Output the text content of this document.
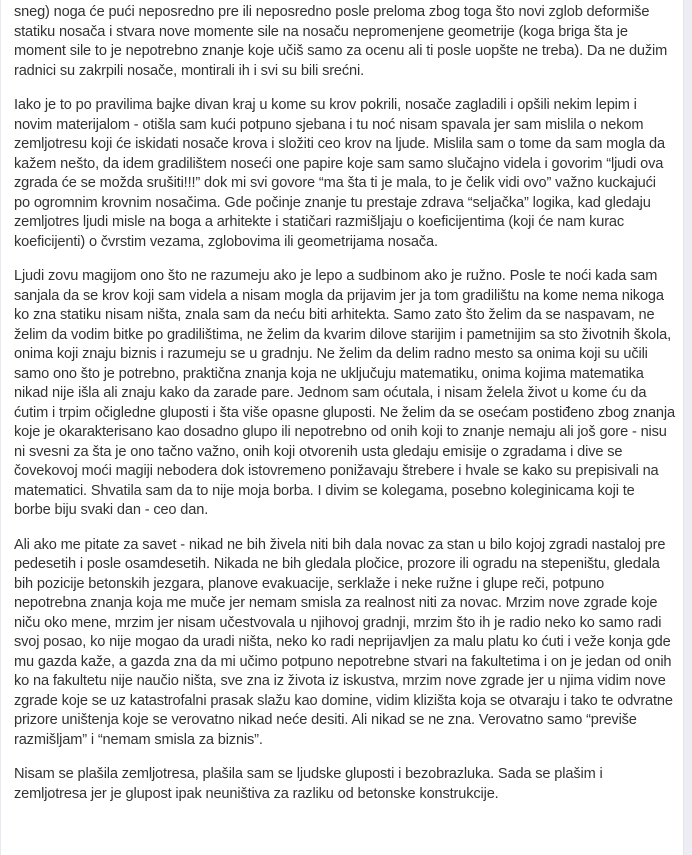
sneg) noga će pući neposredno pre ili neposredno posle preloma zbog toga što novi zglob deformiše statiku nosača i stvara nove momente sile na nosaču nepromenjene geometrije (koga briga šta je moment sile to je nepotrebno znanje koje učiš samo za ocenu ali ti posle uopšte ne treba). Da ne dužim radnici su zakrpili nosače, montirali ih i svi su bili srećni.

Iako je to po pravilima bajke divan kraj u kome su krov pokrili, nosače zagladili i opšili nekim lepim i novim materijalom - otišla sam kući potpuno sjebana i tu noć nisam spavala jer sam mislila o nekom zemljotresu koji će iskidati nosače krova i složiti ceo krov na ljude. Mislila sam o tome da sam mogla da kažem nešto, da idem gradilištem noseći one papire koje sam samo slučajno videla i govorim “ljudi ova zgrada će se možda srušiti!!!” dok mi svi govore “ma šta ti je mala, to je čelik vidi ovo” važno kuckajući po ogromnim krovnim nosačima. Gde počinje znanje tu prestaje zdrava “seljačka” logika, kad gledaju zemljotres ljudi misle na boga a arhitekte i statičari razmišljaju o koeficijentima (koji će nam kurac koeficijenti) o čvrstim vezama, zglobovima ili geometrijama nosača.

Ljudi zovu magijom ono što ne razumeju ako je lepo a sudbinom ako je ružno. Posle te noći kada sam sanjala da se krov koji sam videla a nisam mogla da prijavim jer ja tom gradilištu na kome nema nikoga ko zna statiku nisam ništa, znala sam da neću biti arhitekta. Samo zato što želim da se naspavam, ne želim da vodim bitke po gradilištima, ne želim da kvarim dilove starijim i pametnijim sa sto životnih škola, onima koji znaju biznis i razumeju se u gradnju. Ne želim da delim radno mesto sa onima koji su učili samo ono što je potrebno, praktična znanja koja ne uključuju matematiku, onima kojima matematika nikad nije išla ali znaju kako da zarade pare. Jednom sam oćutala, i nisam želela život u kome ću da ćutim i trpim očigledne gluposti i šta više opasne gluposti. Ne želim da se osećam postiđeno zbog znanja koje je okarakterisano kao dosadno glupo ili nepotrebno od onih koji to znanje nemaju ali još gore - nisu ni svesni za šta je ono tačno važno, onih koji otvorenih usta gledaju emisije o zgradama i dive se čovekovoj moći magiji nebodera dok istovremeno ponižavaju štrebere i hvale se kako su prepisivali na matematici. Shvatila sam da to nije moja borba. I divim se kolegama, posebno koleginicama koji te borbe biju svaki dan - ceo dan.

Ali ako me pitate za savet - nikad ne bih živela niti bih dala novac za stan u bilo kojoj zgradi nastaloj pre pedesetih i posle osamdesetih. Nikada ne bih gledala pločice, prozore ili ogradu na stepeništu, gledala bih pozicije betonskih jezgara, planove evakuacije, serklaže i neke ružne i glupe reči, potpuno nepotrebna znanja koja me muče jer nemam smisla za realnost niti za novac. Mrzim nove zgrade koje niču oko mene, mrzim jer nisam učestvovala u njihovoj gradnji, mrzim što ih je radio neko ko samo radi svoj posao, ko nije mogao da uradi ništa, neko ko radi neprijavljen za malu platu ko ćuti i veže konja gde mu gazda kaže, a gazda zna da mi učimo potpuno nepotrebne stvari na fakultetima i on je jedan od onih ko na fakultetu nije naučio ništa, sve zna iz života iz iskustva, mrzim nove zgrade jer u njima vidim nove zgrade koje se uz katastrofalni prasak slažu kao domine, vidim klizišta koja se otvaraju i tako te odvratne prizore uništenja koje se verovatno nikad neće desiti. Ali nikad se ne zna. Verovatno samo “previše razmišljam” i “nemam smisla za biznis”.

Nisam se plašila zemljotresa, plašila sam se ljudske gluposti i bezobrazluka. Sada se plašim i zemljotresa jer je glupost ipak neuništiva za razliku od betonske konstrukcije.
